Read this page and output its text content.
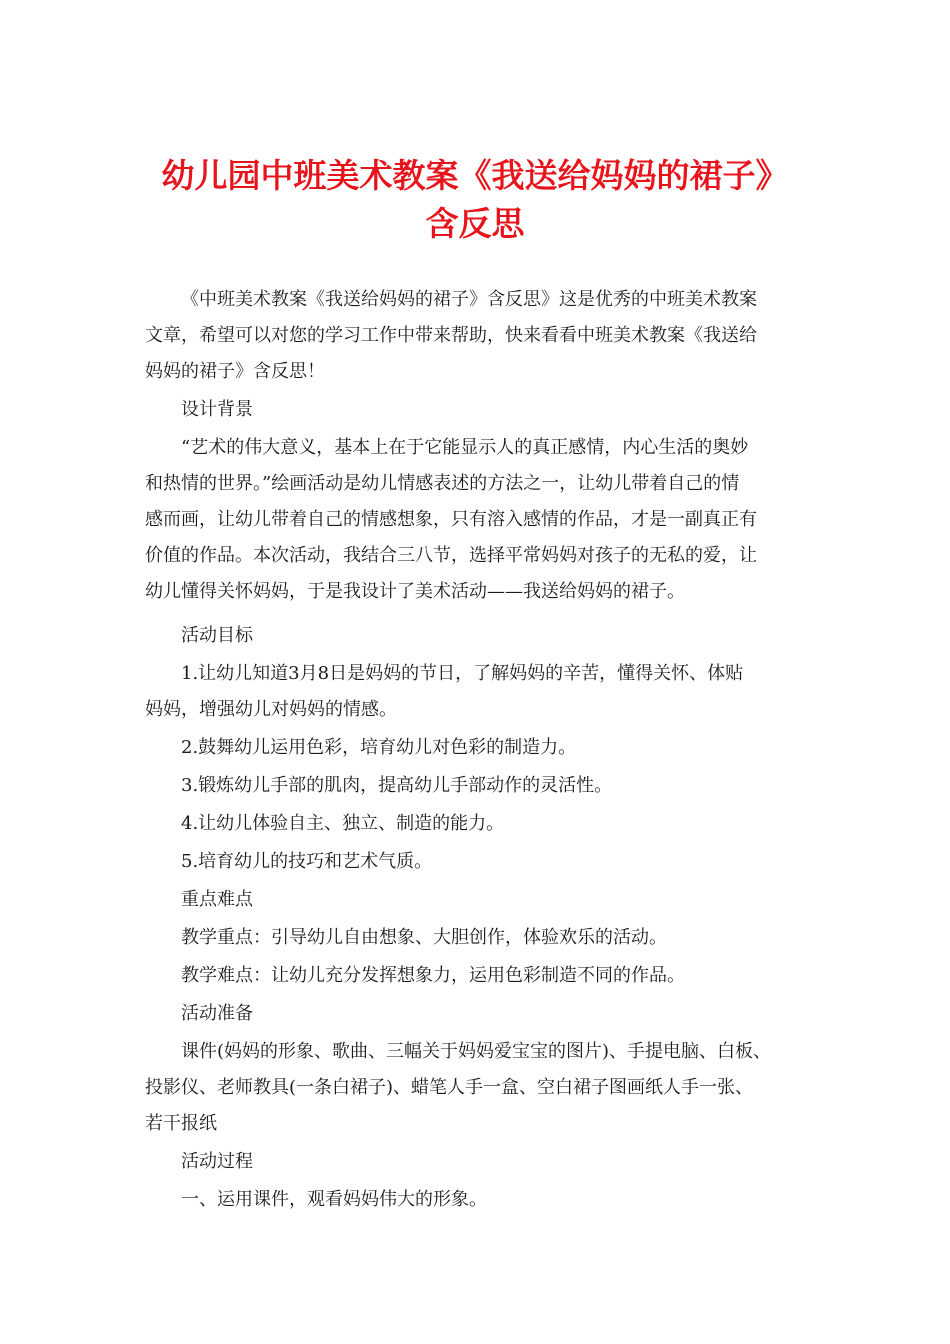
幼儿园中班美术教案《我送给妈妈的裙子》
含反思
《中班美术教案《我送给妈妈的裙子》含反思》这是优秀的中班美术教案
文章，希望可以对您的学习工作中带来帮助，快来看看中班美术教案《我送给
妈妈的裙子》含反思！
设计背景
“艺术的伟大意义，基本上在于它能显示人的真正感情，内心生活的奥妙
和热情的世界。”绘画活动是幼儿情感表述的方法之一，让幼儿带着自己的情
感而画，让幼儿带着自己的情感想象，只有溶入感情的作品，才是一副真正有
价值的作品。本次活动，我结合三八节，选择平常妈妈对孩子的无私的爱，让
幼儿懂得关怀妈妈，于是我设计了美术活动——我送给妈妈的裙子。
活动目标
1.让幼儿知道3月8日是妈妈的节日，了解妈妈的辛苦，懂得关怀、体贴
妈妈，增强幼儿对妈妈的情感。
2.鼓舞幼儿运用色彩，培育幼儿对色彩的制造力。
3.锻炼幼儿手部的肌肉，提高幼儿手部动作的灵活性。
4.让幼儿体验自主、独立、制造的能力。
5.培育幼儿的技巧和艺术气质。
重点难点
教学重点：引导幼儿自由想象、大胆创作，体验欢乐的活动。
教学难点：让幼儿充分发挥想象力，运用色彩制造不同的作品。
活动准备
课件(妈妈的形象、歌曲、三幅关于妈妈爱宝宝的图片)、手提电脑、白板、
投影仪、老师教具(一条白裙子)、蜡笔人手一盒、空白裙子图画纸人手一张、
若干报纸
活动过程
一、运用课件，观看妈妈伟大的形象。
